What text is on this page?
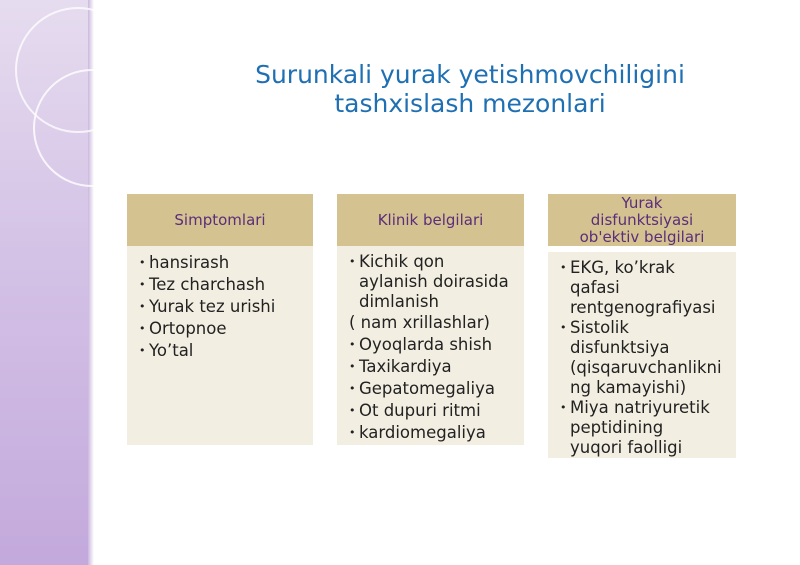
Surunkali yurak yetishmovchiligini
tashxislash mezonlari
Simptomlari
• hansirash
• Tez charchash
• Yurak tez urishi
• Ortopnoe
• Yo’tal
Klinik belgilari
• Kichik qon
aylanish doirasida
dimlanish
( nam xrillashlar)
• Oyoqlarda shish
• Taxikardiya
• Gepatomegaliya
• Ot dupuri ritmi
• kardiomegaliya
Yurak
disfunktsiyasi
ob'ektiv belgilari
• EKG, ko’krak
qafasi
rentgenografiyasi
• Sistolik
disfunktsiya
(qisqaruvchanlikni
ng kamayishi)
• Miya natriyuretik
peptidining
yuqori faolligi
